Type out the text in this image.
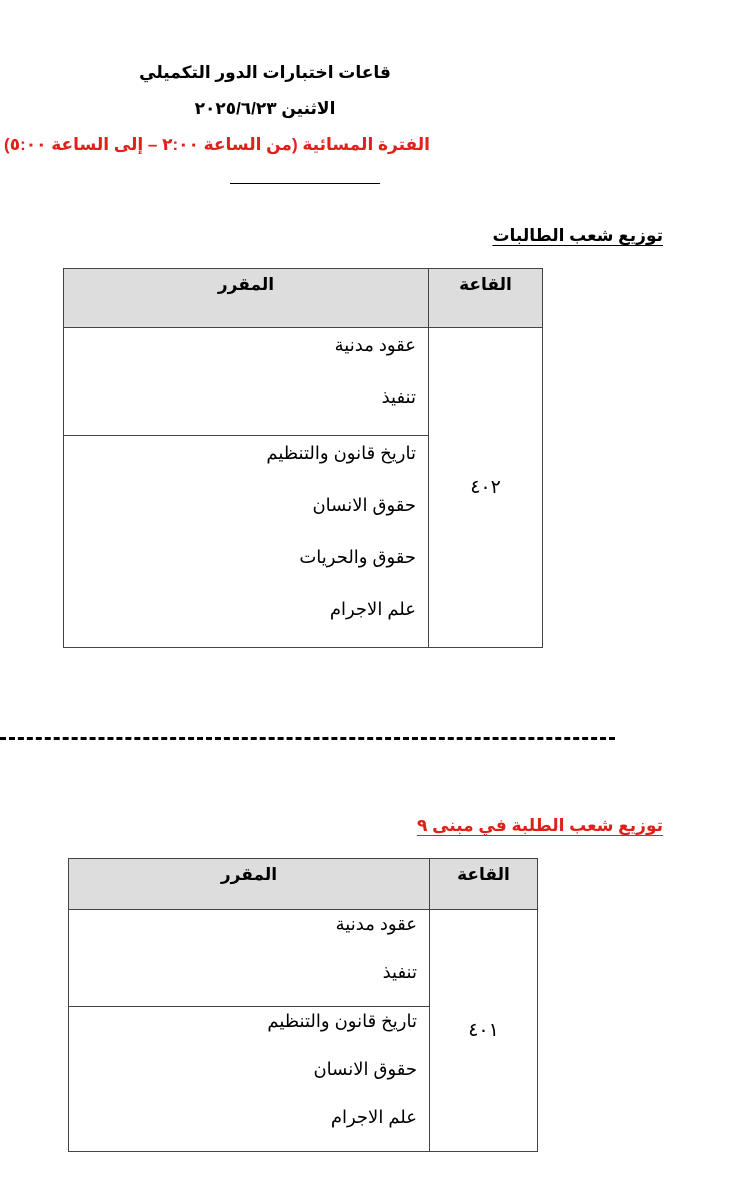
قاعات اختبارات الدور التكميلي

الاثنين ٢٠٢٥/٦/٢٣
الفترة المسائية (من الساعة ٢:٠٠ – إلى الساعة ٥:٠٠)

توزيع شعب الطالبات

القاعة	المقرر
٤٠٢	عقود مدنية
تنفيذ

	تاريخ قانون والتنظيم
حقوق الانسان
حقوق والحريات
علم الاجرام

توزيع شعب الطلبة في مبنى ٩

القاعة	المقرر
٤٠١	عقود مدنية
تنفيذ

	تاريخ قانون والتنظيم
حقوق الانسان
علم الاجرام
